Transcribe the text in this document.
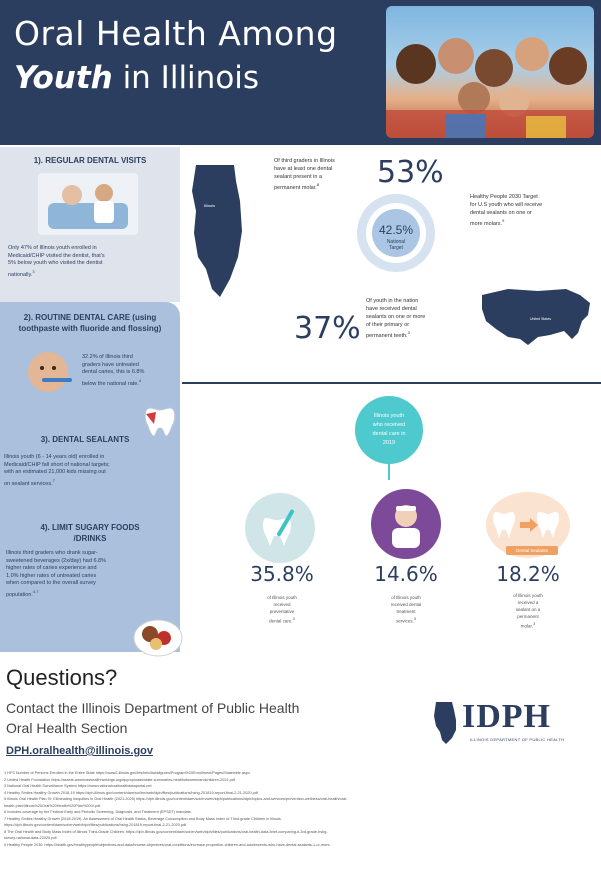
Oral Health Among
Youth in Illinois
1). REGULAR DENTAL VISITS
Only 47% of Illinois youth enrolled in
Medicaid/CHIP visited the dentist, that's
5% below youth who visited the dentist
nationally.$^3$
2). ROUTINE DENTAL CARE (using
toothpaste with fluoride and flossing)
32.2% of Illinois third
graders have untreated
dental caries, this is 6.8%
below the national rate.$^4$
3). DENTAL SEALANTS
Illinois youth (6 - 14 years old) enrolled in
Medicaid/CHIP fall short of national targets;
with an estimated 21,000 kids missing out
on sealant services.$^7$
4). LIMIT SUGARY FOODS
/DRINKS
Illinois third graders who drank sugar-
sweetened beverages (2x/day) had 6.8%
higher rates of caries experience and
1.0% higher rates of untreated caries
when compared to the overall survey
population.$^{4,7}$
Illinois
Of third graders in Illinois
have at least one dental
sealant present in a
permanent molar.$^8$	53%
42.5%
National
Target
Healthy People 2030 Target
for U.S youth who will receive
dental sealants on one or
more molars.$^9$
United States
Of youth in the nation
have received dental
sealants on one or more
of their primary or
permanent teeth.$^3$
37%
Illinois youth
who received
dental care in
2019
Dental Sealants
35.8%
of Illinois youth
received
preventative
dental care.3
14.6%
of Illinois youth
received dental
treatment
services.3
18.2%
of Illinois youth
received a
sealant on a
permanent
molar.3
Questions?
Contact the Illinois Department of Public Health
Oral Health Section
DPH.oralhealth@illinois.gov
IDPH
ILLINOIS DEPARTMENT OF PUBLIC HEALTH
1 HFS Number of Persons Enrolled in the Entire State https://www2.illinois.gov/hfs/info/factsfigures/Program%20Enrollment/Pages/Statewide.aspx
2 United Health Foundation https://assets.americashealthrankings.org/app/uploads/state-summaries-healthofwomenandchildren-2021.pdf
3 National Oral Health Surveillance System https://www.nationaloralhealthdataportal.net
4 Healthy Smiles Healthy Growth 2018-19 https://dph.illinois.gov/content/dam/soi/en/web/idph/files/publications/hshg-201819-report-final-2-21-2020.pdf
5 Illinois Oral Health Plan IV: Eliminating Inequities in Oral Health (2021-2025) https://dph.illinois.gov/content/dam/soi/en/web/idph/publications/idph/topics-and-services/prevention-wellness/oral-health/oral-
health-plan/Illinois%20Oral%20Health%20Plan%20IV.pdf
6 Includes coverage by the Federal Early and Periodic Screening, Diagnosis, and Treatment (EPSDT) mandate.
7 Healthy Smiles Healthy Growth (2018-2019). An Assessment of Oral Health Status, Beverage Consumption and Body Mass Index of Third-grade Children in Illinois.
https://dph.illinois.gov/content/dam/soi/en/web/idph/files/publications/hshg-201819-report-final-2-21-2020.pdf
8 The Oral Health and Body Mass Index of Illinois Third-Grade Children. https://dph.illinois.gov/content/dam/soi/en/web/idph/files/publications/oral-health-data-brief-comparing-it-3rd-grade-hshg-
survey-national-data-22020.pdf
9 Healthy People 2030: https://health.gov/healthypeople/objectives-and-data/browse-objectives/oral-conditions/increase-proportion-children-and-adolescents-who-have-dental-sealants-1-or-more-
